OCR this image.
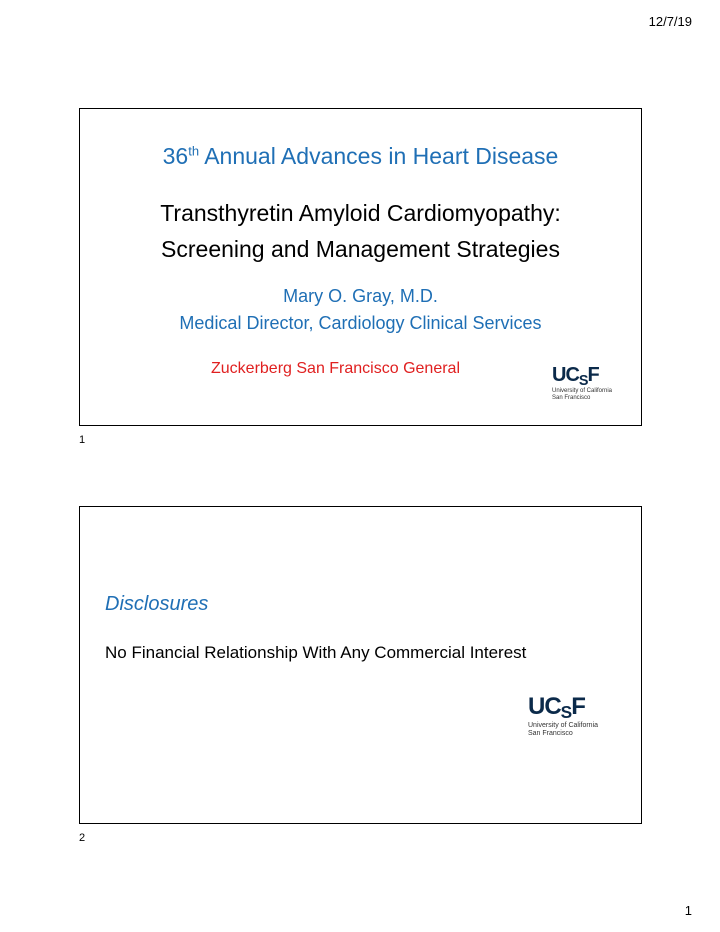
12/7/19
36th Annual Advances in Heart Disease
Transthyretin Amyloid Cardiomyopathy:
Screening and Management Strategies
Mary O. Gray, M.D.
Medical Director, Cardiology Clinical Services
Zuckerberg San Francisco General	UCSF
University of California
San Francisco
1
Disclosures
No Financial Relationship With Any Commercial Interest
UCSF
University of California
San Francisco
2
1
